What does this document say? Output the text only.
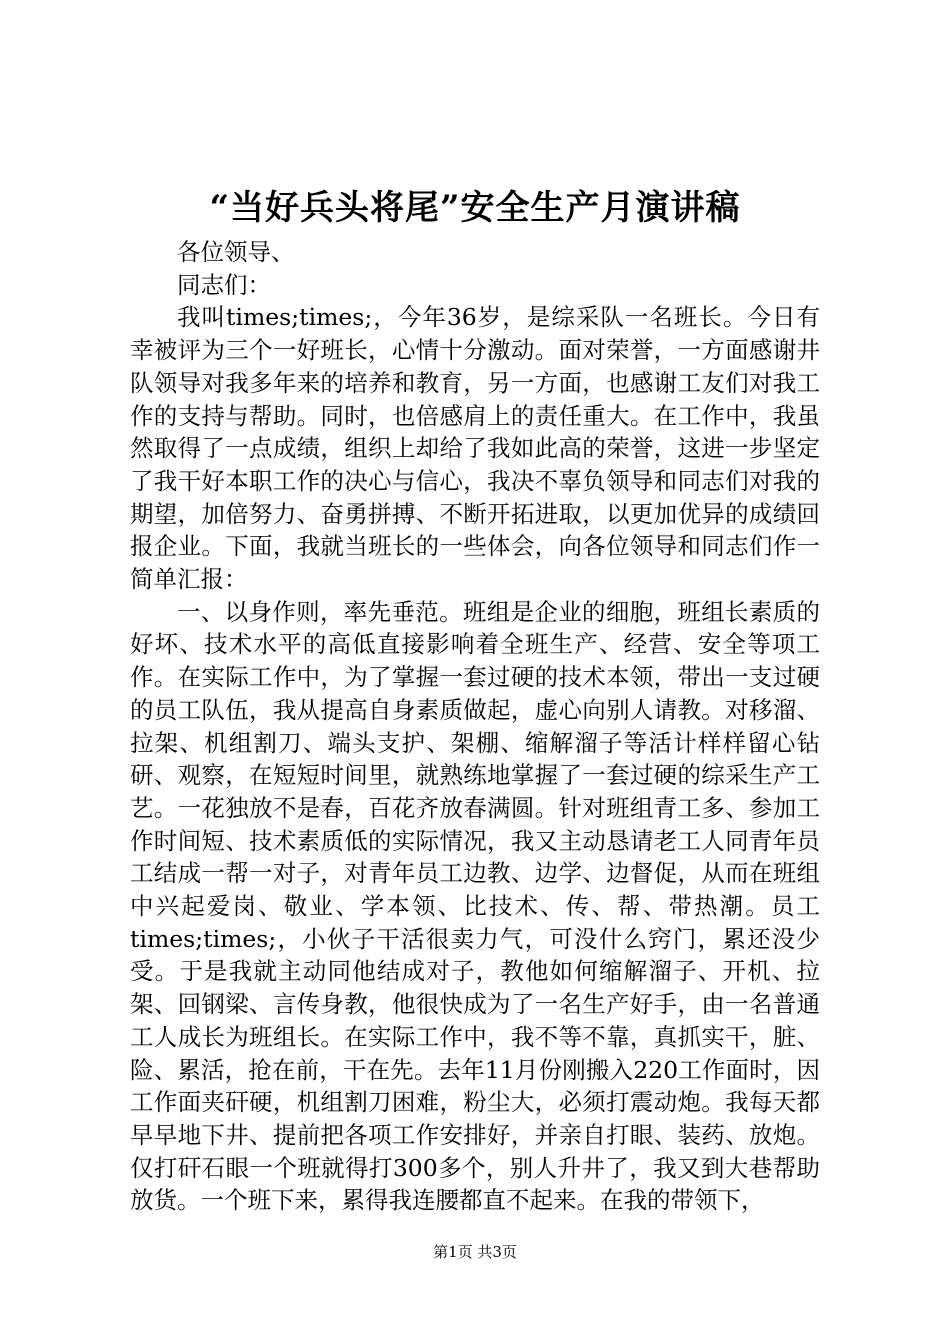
“当好兵头将尾”安全生产月演讲稿

各位领导、

同志们：

我叫times;times;，今年36岁，是综采队一名班长。今日有幸被评为三个一好班长，心情十分激动。面对荣誉，一方面感谢井队领导对我多年来的培养和教育，另一方面，也感谢工友们对我工作的支持与帮助。同时，也倍感肩上的责任重大。在工作中，我虽然取得了一点成绩，组织上却给了我如此高的荣誉，这进一步坚定了我干好本职工作的决心与信心，我决不辜负领导和同志们对我的期望，加倍努力、奋勇拼搏、不断开拓进取，以更加优异的成绩回报企业。下面，我就当班长的一些体会，向各位领导和同志们作一简单汇报：

一、以身作则，率先垂范。班组是企业的细胞，班组长素质的好坏、技术水平的高低直接影响着全班生产、经营、安全等项工作。在实际工作中，为了掌握一套过硬的技术本领，带出一支过硬的员工队伍，我从提高自身素质做起，虚心向别人请教。对移溜、拉架、机组割刀、端头支护、架棚、缩解溜子等活计样样留心钻研、观察，在短短时间里，就熟练地掌握了一套过硬的综采生产工艺。一花独放不是春，百花齐放春满圆。针对班组青工多、参加工作时间短、技术素质低的实际情况，我又主动恳请老工人同青年员工结成一帮一对子，对青年员工边教、边学、边督促，从而在班组中兴起爱岗、敬业、学本领、比技术、传、帮、带热潮。员工times;times;，小伙子干活很卖力气，可没什么窍门，累还没少受。于是我就主动同他结成对子，教他如何缩解溜子、开机、拉架、回钢梁、言传身教，他很快成为了一名生产好手，由一名普通工人成长为班组长。在实际工作中，我不等不靠，真抓实干，脏、险、累活，抢在前，干在先。去年11月份刚搬入220工作面时，因工作面夹矸硬，机组割刀困难，粉尘大，必须打震动炮。我每天都早早地下井、提前把各项工作安排好，并亲自打眼、装药、放炮。仅打矸石眼一个班就得打300多个，别人升井了，我又到大巷帮助放货。一个班下来，累得我连腰都直不起来。在我的带领下，

第1页 共3页
